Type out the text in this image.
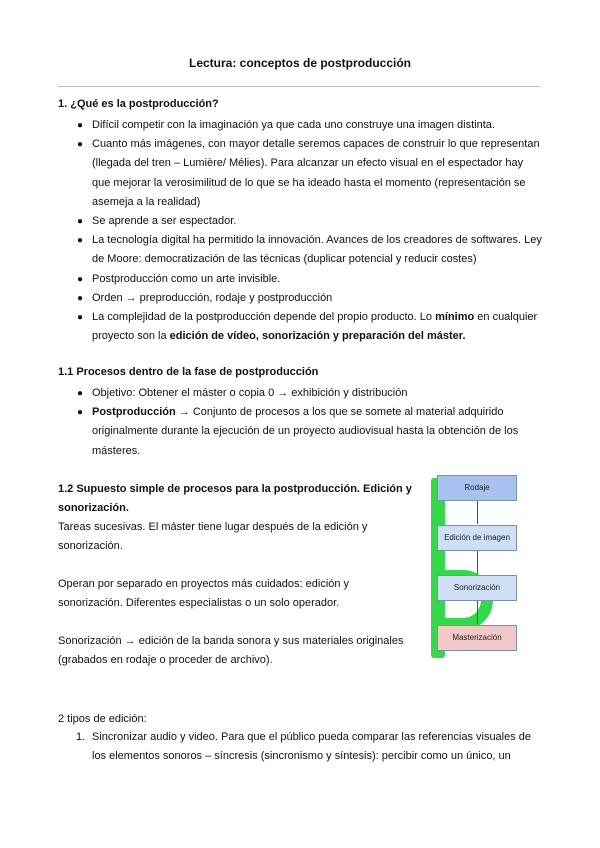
Lectura: conceptos de postproducción
1. ¿Qué es la postproducción?
● Difícil competir con la imaginación ya que cada uno construye una imagen distinta.
● Cuanto más imágenes, con mayor detalle seremos capaces de construir lo que representan (llegada del tren – Lumière/ Mélies). Para alcanzar un efecto visual en el espectador hay que mejorar la verosimilitud de lo que se ha ideado hasta el momento (representación se asemeja a la realidad)
● Se aprende a ser espectador.
● La tecnología digital ha permitido la innovación. Avances de los creadores de softwares. Ley de Moore: democratización de las técnicas (duplicar potencial y reducir costes)
● Postproducción como un arte invisible.
● Orden → preproducción, rodaje y postproducción
● La complejidad de la postproducción depende del propio producto. Lo mínimo en cualquier proyecto son la edición de vídeo, sonorización y preparación del máster.
1.1 Procesos dentro de la fase de postproducción
● Objetivo: Obtener el máster o copia 0 → exhibición y distribución
● Postproducción → Conjunto de procesos a los que se somete al material adquirido originalmente durante la ejecución de un proyecto audiovisual hasta la obtención de los másteres.
1.2 Supuesto simple de procesos para la postproducción. Edición y sonorización.
Tareas sucesivas. El máster tiene lugar después de la edición y sonorización.
Operan por separado en proyectos más cuidados: edición y sonorización. Diferentes especialistas o un solo operador.
Sonorización → edición de la banda sonora y sus materiales originales (grabados en rodaje o proceder de archivo).
Rodaje
Edición de imagen
Sonorización
Masterización
2 tipos de edición:
1. Sincronizar audio y video. Para que el público pueda comparar las referencias visuales de los elementos sonoros – síncresis (sincronismo y síntesis): percibir como un único, un
